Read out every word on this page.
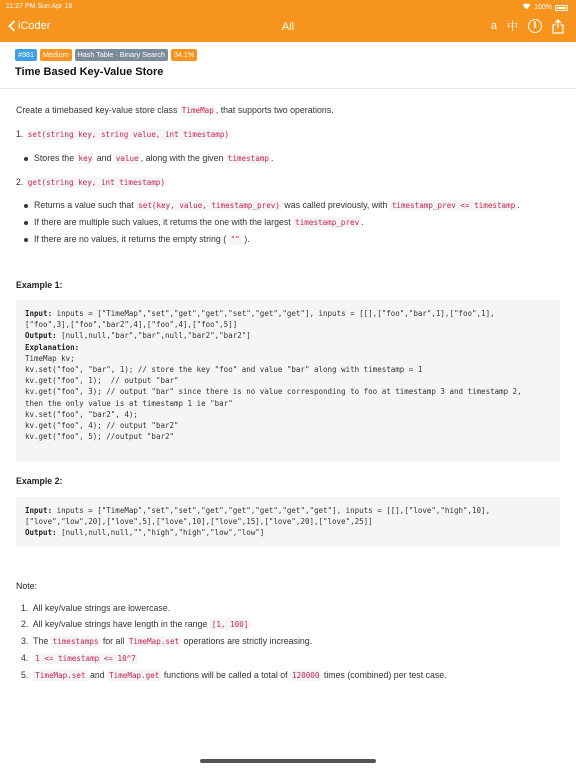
11:27 PM Sun Apr 19	100%
iCoder	All	a 中	i
#981	Medium	Hash Table · Binary Search	34.1%
Time Based Key-Value Store
Create a timebased key-value store class TimeMap , that supports two operations.
1. set(string key, string value, int timestamp)
Stores the key and value , along with the given timestamp .
2. get(string key, int timestamp)
Returns a value such that set(key, value, timestamp_prev) was called previously, with timestamp_prev <= timestamp .
If there are multiple such values, it returns the one with the largest timestamp_prev .
If there are no values, it returns the empty string ( "" ).
Example 1:
Input: inputs = ["TimeMap","set","get","get","set","get","get"], inputs = [[],["foo","bar",1],["foo",1],
["foo",3],["foo","bar2",4],["foo",4],["foo",5]]
Output: [null,null,"bar","bar",null,"bar2","bar2"]
Explanation:
TimeMap kv;
kv.set("foo", "bar", 1); // store the key "foo" and value "bar" along with timestamp = 1
kv.get("foo", 1);  // output "bar"
kv.get("foo", 3); // output "bar" since there is no value corresponding to foo at timestamp 3 and timestamp 2,
then the only value is at timestamp 1 ie "bar"
kv.set("foo", "bar2", 4);
kv.get("foo", 4); // output "bar2"
kv.get("foo", 5); //output "bar2"
Example 2:
Input: inputs = ["TimeMap","set","set","get","get","get","get","get"], inputs = [[],["love","high",10],
["love","low",20],["love",5],["love",10],["love",15],["love",20],["love",25]]
Output: [null,null,null,"","high","high","low","low"]
Note:
1. All key/value strings are lowercase.
2. All key/value strings have length in the range [1, 100]
3. The timestamps for all TimeMap.set operations are strictly increasing.
4. 1 <= timestamp <= 10^7
5. TimeMap.set and TimeMap.get functions will be called a total of 120000 times (combined) per test case.
